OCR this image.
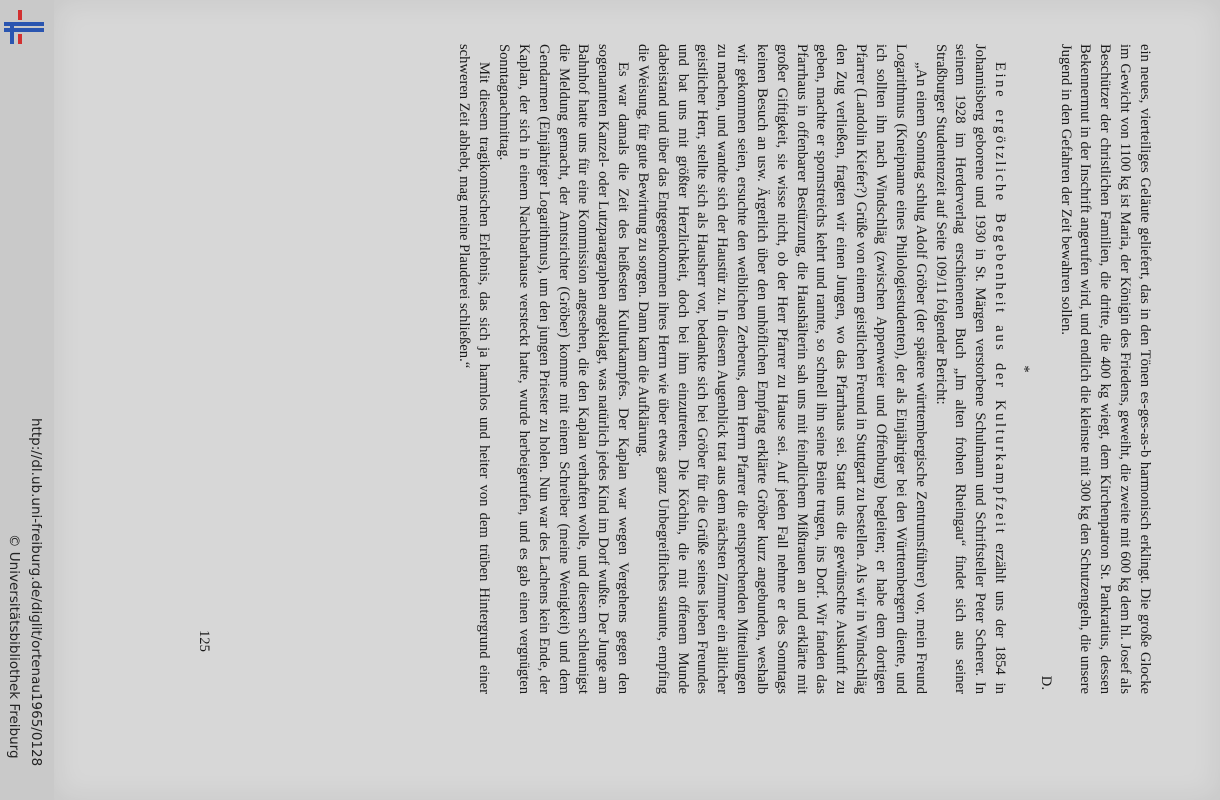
http://dl.ub.uni-freiburg.de/diglit/ortenau1965/0128
© Universitätsbibliothek Freiburg	ein neues, vierteiliges Geläute geliefert, das in den Tönen es-ges-as-b harmonisch erklingt. Die große Glocke im Gewicht von 1100 kg ist Maria, der Königin des Friedens, geweiht, die zweite mit 600 kg dem hl. Josef als Beschützer der christlichen Familien, die dritte, die 400 kg wiegt, dem Kirchenpatron St. Pankratius, dessen Bekennermut in der Inschrift angerufen wird, und endlich die kleinste mit 300 kg den Schutzengeln, die unsere Jugend in den Gefahren der Zeit bewahren sollen.

D.
*

Eine ergötzliche Begebenheit aus der Kulturkampfzeit erzählt uns der 1854 in Johannisberg geborene und 1930 in St. Märgen verstorbene Schulmann und Schriftsteller Peter Scherer. In seinem 1928 im Herderverlag erschienenen Buch „Im alten frohen Rheingau“ findet sich aus seiner Straßburger Studentenzeit auf Seite 109/11 folgender Bericht:

„An einem Sonntag schlug Adolf Gröber (der spätere württembergische Zentrumsführer) vor, mein Freund Logarithmus (Kneipname eines Philologiestudenten), der als Einjähriger bei den Württembergern diente, und ich sollten ihn nach Windschläg (zwischen Appenweier und Offenburg) begleiten; er habe dem dortigen Pfarrer (Landolin Kiefer?) Grüße von einem geistlichen Freund in Stuttgart zu bestellen. Als wir in Windschläg den Zug verließen, fragten wir einen Jungen, wo das Pfarrhaus sei. Statt uns die gewünschte Auskunft zu geben, machte er spornstreichs kehrt und rannte, so schnell ihn seine Beine trugen, ins Dorf. Wir fanden das Pfarrhaus in offenbarer Bestürzung, die Haushälterin sah uns mit feindlichem Mißtrauen an und erklärte mit großer Giftigkeit, sie wisse nicht, ob der Herr Pfarrer zu Hause sei. Auf jeden Fall nehme er des Sonntags keinen Besuch an usw. Ärgerlich über den unhöflichen Empfang erklärte Gröber kurz angebunden, weshalb wir gekommen seien, ersuchte den weiblichen Zerberus, dem Herrn Pfarrer die entsprechenden Mitteilungen zu machen, und wandte sich der Haustür zu. In diesem Augenblick trat aus dem nächsten Zimmer ein ältlicher geistlicher Herr, stellte sich als Hausherr vor, bedankte sich bei Gröber für die Grüße seines lieben Freundes und bat uns mit größter Herzlichkeit, doch bei ihm einzutreten. Die Köchin, die mit offenem Munde dabeistand und über das Entgegenkommen ihres Herrn wie über etwas ganz Unbegreifliches staunte, empfing die Weisung, für gute Bewirtung zu sorgen. Dann kam die Aufklärung.

Es war damals die Zeit des heißesten Kulturkampfes. Der Kaplan war wegen Vergehens gegen den sogenannten Kanzel- oder Lutzparagraphen angeklagt, was natürlich jedes Kind im Dorf wußte. Der Junge am Bahnhof hatte uns für eine Kommission angesehen, die den Kaplan verhaften wolle, und diesem schleunigst die Meldung gemacht, der Amtsrichter (Gröber) komme mit einem Schreiber (meine Wenigkeit) und dem Gendarmen (Einjähriger Logarithmus), um den jungen Priester zu holen. Nun war des Lachens kein Ende, der Kaplan, der sich in einem Nachbarhause versteckt hatte, wurde herbeigerufen, und es gab einen vergnügten Sonntagnachmittag.

Mit diesem tragikomischen Erlebnis, das sich ja harmlos und heiter von dem trüben Hintergrund einer schweren Zeit abhebt, mag meine Plauderei schließen.“

125
